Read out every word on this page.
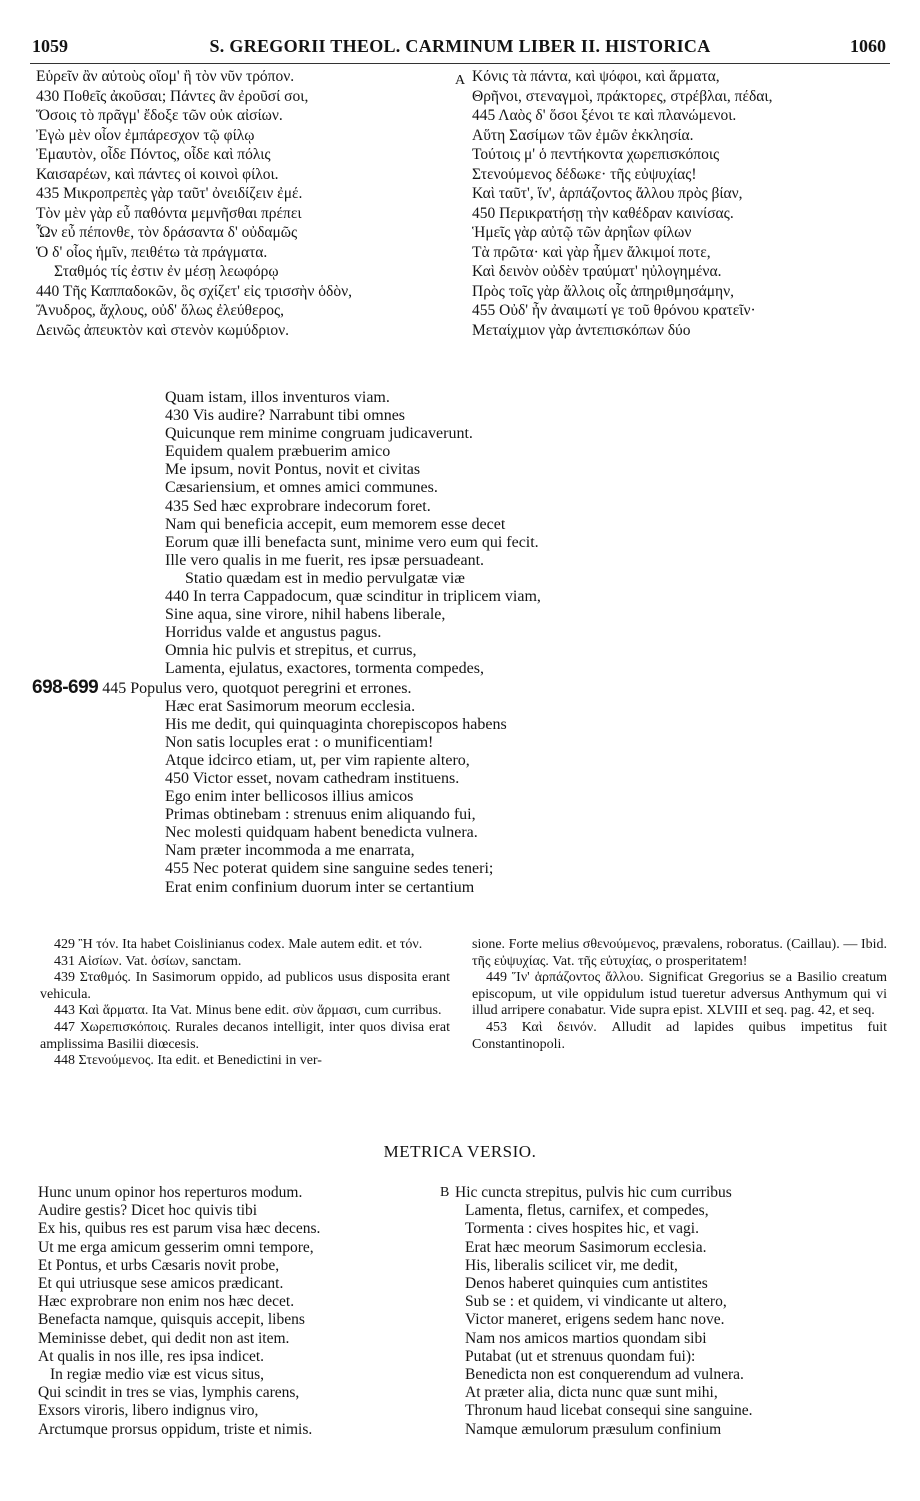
1059	S. GREGORII THEOL. CARMINUM LIBER II. HISTORICA	1060
Εὑρεῖν ἂν αὐτοὺς οἴομ' ἢ τὸν νῦν τρόπον.
430 Ποθεῖς ἀκοῦσαι; Πάντες ἂν ἐροῦσί σοι,
Ὅσοις τὸ πρᾶγμ' ἔδοξε τῶν οὐκ αἰσίων.
Ἐγὼ μὲν οἷον ἐμπάρεσχον τῷ φίλῳ
Ἐμαυτὸν, οἶδε Πόντος, οἶδε καὶ πόλις
Καισαρέων, καὶ πάντες οἱ κοινοὶ φίλοι.
435 Μικροπρεπὲς γὰρ ταῦτ' ὀνειδίζειν ἐμέ.
Τὸν μὲν γὰρ εὖ παθόντα μεμνῆσθαι πρέπει
Ὧν εὖ πέπονθε, τὸν δράσαντα δ' οὐδαμῶς
Ὁ δ' οἷος ἡμῖν, πειθέτω τὰ πράγματα.
Σταθμός τίς ἐστιν ἐν μέσῃ λεωφόρῳ
440 Τῆς Καππαδοκῶν, ὃς σχίζετ' εἰς τρισσὴν ὁδὸν,
Ἄνυδρος, ἄχλους, οὐδ' ὅλως ἐλεύθερος,
Δεινῶς ἀπευκτὸν καὶ στενὸν κωμύδριον.
A Κόνις τὰ πάντα, καὶ ψόφοι, καὶ ἅρματα,
Θρῆνοι, στεναγμοὶ, πράκτορες, στρέβλαι, πέδαι,
445 Λαὸς δ' ὅσοι ξένοι τε καὶ πλανώμενοι.
Αὕτη Σασίμων τῶν ἐμῶν ἐκκλησία.
Τούτοις μ' ὁ πεντήκοντα χωρεπισκόποις
Στενούμενος δέδωκε· τῆς εὐψυχίας!
Καὶ ταῦτ', ἵν', ἁρπάζοντος ἄλλου πρὸς βίαν,
450 Περικρατήσῃ τὴν καθέδραν καινίσας.
Ἡμεῖς γὰρ αὐτῷ τῶν ἀρηΐων φίλων
Τὰ πρῶτα· καὶ γὰρ ἦμεν ἄλκιμοί ποτε,
Καὶ δεινὸν οὐδὲν τραύματ' ηὐλογημένα.
Πρὸς τοῖς γὰρ ἄλλοις οἷς ἀπηριθμησάμην,
455 Οὐδ' ἦν ἀναιμωτί γε τοῦ θρόνου κρατεῖν·
Μεταίχμιον γὰρ ἀντεπισκόπων δύο
Quam istam, illos inventuros viam.
430 Vis audire? Narrabunt tibi omnes
Quicunque rem minime congruam judicaverunt.
Equidem qualem præbuerim amico
Me ipsum, novit Pontus, novit et civitas
Cæsariensium, et omnes amici communes.
435 Sed hæc exprobrare indecorum foret.
Nam qui beneficia accepit, eum memorem esse decet
Eorum quæ illi benefacta sunt, minime vero eum qui fecit.
Ille vero qualis in me fuerit, res ipsæ persuadeant.
Statio quædam est in medio pervulgatæ viæ
440 In terra Cappadocum, quæ scinditur in triplicem viam,
Sine aqua, sine virore, nihil habens liberale,
Horridus valde et angustus pagus.
Omnia hic pulvis et strepitus, et currus,
Lamenta, ejulatus, exactores, tormenta compedes,
698-699 445 Populus vero, quotquot peregrini et errones.
Hæc erat Sasimorum meorum ecclesia.
His me dedit, qui quinquaginta chorepiscopos habens
Non satis locuples erat : o munificentiam!
Atque idcirco etiam, ut, per vim rapiente altero,
450 Victor esset, novam cathedram instituens.
Ego enim inter bellicosos illius amicos
Primas obtinebam : strenuus enim aliquando fui,
Nec molesti quidquam habent benedicta vulnera.
Nam præter incommoda a me enarrata,
455 Nec poterat quidem sine sanguine sedes teneri;
Erat enim confinium duorum inter se certantium

429 Ἢ τόν. Ita habet Coislinianus codex. Male autem edit. et τόν.

431 Αἰσίων. Vat. ὁσίων, sanctam.

439 Σταθμός. In Sasimorum oppido, ad publicos usus disposita erant vehicula.

443 Καὶ ἅρματα. Ita Vat. Minus bene edit. σὺν ἅρμασι, cum curribus.

447 Χωρεπισκόποις. Rurales decanos intelligit, inter quos divisa erat amplissima Basilii diœcesis.

448 Στενούμενος. Ita edit. et Benedictini in ver-

sione. Forte melius σθενούμενος, prævalens, roboratus. (Caillau). — Ibid. τῆς εὐψυχίας. Vat. τῆς εὐτυχίας, o prosperitatem!

449 Ἵν' ἁρπάζοντος ἄλλου. Significat Gregorius se a Basilio creatum episcopum, ut vile oppidulum istud tueretur adversus Anthymum qui vi illud arripere conabatur. Vide supra epist. XLVIII et seq. pag. 42, et seq.

453 Καὶ δεινόν. Alludit ad lapides quibus impetitus fuit Constantinopoli.

METRICA VERSIO.
Hunc unum opinor hos reperturos modum.
Audire gestis? Dicet hoc quivis tibi
Ex his, quibus res est parum visa hæc decens.
Ut me erga amicum gesserim omni tempore,
Et Pontus, et urbs Cæsaris novit probe,
Et qui utriusque sese amicos prædicant.
Hæc exprobrare non enim nos hæc decet.
Benefacta namque, quisquis accepit, libens
Meminisse debet, qui dedit non ast item.
At qualis in nos ille, res ipsa indicet.
In regiæ medio viæ est vicus situs,
Qui scindit in tres se vias, lymphis carens,
Exsors viroris, libero indignus viro,
Arctumque prorsus oppidum, triste et nimis.
B Hic cuncta strepitus, pulvis hic cum curribus
Lamenta, fletus, carnifex, et compedes,
Tormenta : cives hospites hic, et vagi.
Erat hæc meorum Sasimorum ecclesia.
His, liberalis scilicet vir, me dedit,
Denos haberet quinquies cum antistites
Sub se : et quidem, vi vindicante ut altero,
Victor maneret, erigens sedem hanc nove.
Nam nos amicos martios quondam sibi
Putabat (ut et strenuus quondam fui):
Benedicta non est conquerendum ad vulnera.
At præter alia, dicta nunc quæ sunt mihi,
Thronum haud licebat consequi sine sanguine.
Namque æmulorum præsulum confinium
